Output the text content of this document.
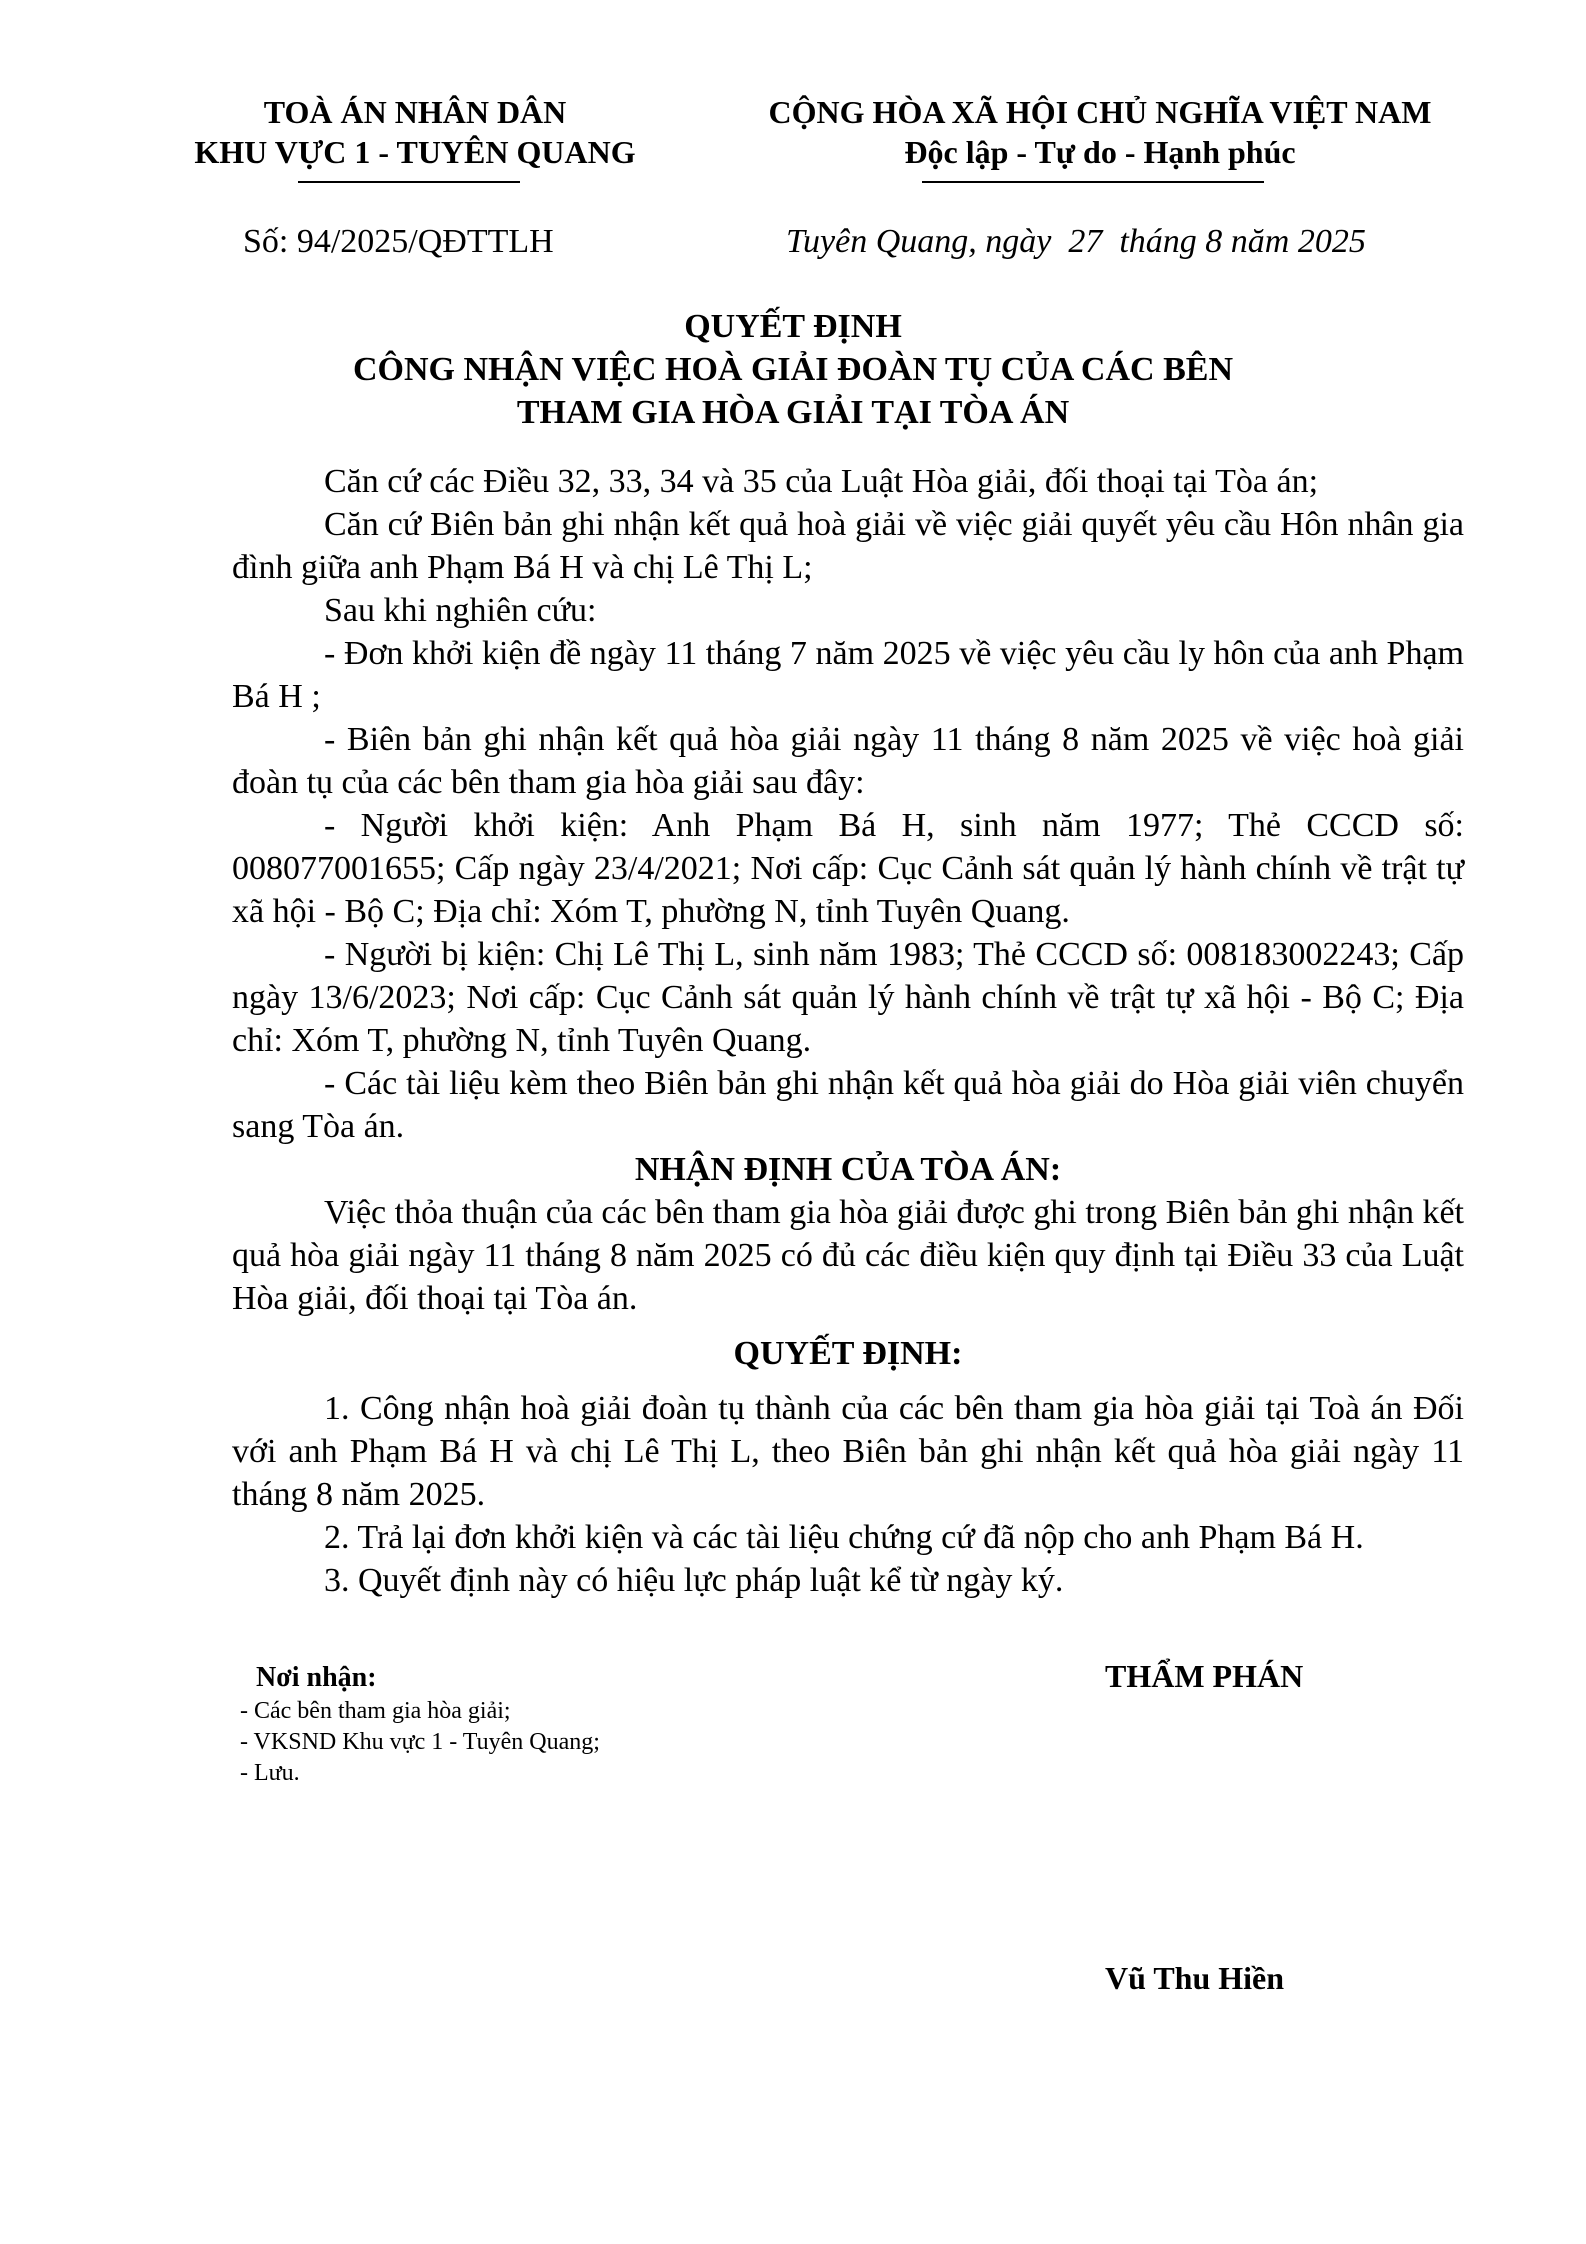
TOÀ ÁN NHÂN DÂN
KHU VỰC 1 - TUYÊN QUANG
CỘNG HÒA XÃ HỘI CHỦ NGHĨA VIỆT NAM
Độc lập - Tự do - Hạnh phúc
Số: 94/2025/QĐTTLH	Tuyên Quang, ngày  27  tháng 8 năm 2025
QUYẾT ĐỊNH
CÔNG NHẬN VIỆC HOÀ GIẢI ĐOÀN TỤ CỦA CÁC BÊN
THAM GIA HÒA GIẢI TẠI TÒA ÁN

Căn cứ các Điều 32, 33, 34 và 35 của Luật Hòa giải, đối thoại tại Tòa án;

Căn cứ Biên bản ghi nhận kết quả hoà giải về việc giải quyết yêu cầu Hôn nhân gia đình giữa anh Phạm Bá H và chị Lê Thị L;

Sau khi nghiên cứu:

- Đơn khởi kiện đề ngày 11 tháng 7 năm 2025 về việc yêu cầu ly hôn của anh Phạm Bá H ;

- Biên bản ghi nhận kết quả hòa giải ngày 11 tháng 8 năm 2025 về việc hoà giải đoàn tụ của các bên tham gia hòa giải sau đây:

- Người khởi kiện: Anh Phạm Bá H, sinh năm 1977; Thẻ CCCD số: 008077001655; Cấp ngày 23/4/2021; Nơi cấp: Cục Cảnh sát quản lý hành chính về trật tự xã hội - Bộ C; Địa chỉ: Xóm T, phường N, tỉnh Tuyên Quang.

- Người bị kiện: Chị Lê Thị L, sinh năm 1983; Thẻ CCCD số: 008183002243; Cấp ngày 13/6/2023; Nơi cấp: Cục Cảnh sát quản lý hành chính về trật tự xã hội - Bộ C; Địa chỉ: Xóm T, phường N, tỉnh Tuyên Quang.

- Các tài liệu kèm theo Biên bản ghi nhận kết quả hòa giải do Hòa giải viên chuyển sang Tòa án.

NHẬN ĐỊNH CỦA TÒA ÁN:

Việc thỏa thuận của các bên tham gia hòa giải được ghi trong Biên bản ghi nhận kết quả hòa giải ngày 11 tháng 8 năm 2025 có đủ các điều kiện quy định tại Điều 33 của Luật Hòa giải, đối thoại tại Tòa án.

QUYẾT ĐỊNH:

1. Công nhận hoà giải đoàn tụ thành của các bên tham gia hòa giải tại Toà án Đối với anh Phạm Bá H và chị Lê Thị L, theo Biên bản ghi nhận kết quả hòa giải ngày 11 tháng 8 năm 2025.

2. Trả lại đơn khởi kiện và các tài liệu chứng cứ đã nộp cho anh Phạm Bá H.

3. Quyết định này có hiệu lực pháp luật kể từ ngày ký.

Nơi nhận:
- Các bên tham gia hòa giải;
- VKSND Khu vực 1 - Tuyên Quang;
- Lưu.
THẨM PHÁN
Vũ Thu Hiền
